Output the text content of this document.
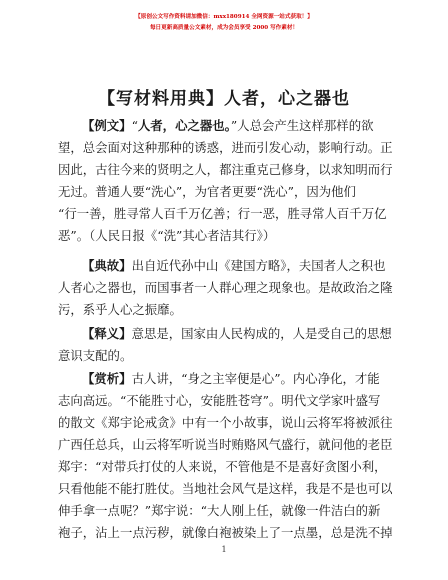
【原创公文写作资料请加微信：mxx180914 全网资源一站式获取！】
每日更新高质量公文素材，成为会员享受 2000 写作素材！
【写材料用典】人者，心之器也
【例文】“人者，心之器也。”人总会产生这样那样的欲
望，总会面对这种那种的诱惑，进而引发心动，影响行动。正
因此，古往今来的贤明之人，都注重克己修身，以求知明而行
无过。普通人要“洗心”，为官者更要“洗心”，因为他们
“行一善，胜寻常人百千万亿善；行一恶，胜寻常人百千万亿
恶”。（人民日报《“洗”其心者洁其行》）
【典故】出自近代孙中山《建国方略》，夫国者人之积也
人者心之器也，而国事者一人群心理之现象也。是故政治之隆
污，系乎人心之振靡。
【释义】意思是，国家由人民构成的，人是受自己的思想
意识支配的。
【赏析】古人讲，“身之主宰便是心”。内心净化，才能
志向高远。“不能胜寸心，安能胜苍穹”。明代文学家叶盛写
的散文《郑宇论戒贪》中有一个小故事，说山云将军将被派往
广西任总兵，山云将军听说当时贿赂风气盛行，就问他的老臣
郑宇：“对带兵打仗的人来说，不管他是不是喜好贪图小利，
只看他能不能打胜仗。当地社会风气是这样，我是不是也可以
伸手拿一点呢？”郑宇说：“大人刚上任，就像一件洁白的新
袍子，沾上一点污秽，就像白袍被染上了一点墨，总是洗不掉
1
